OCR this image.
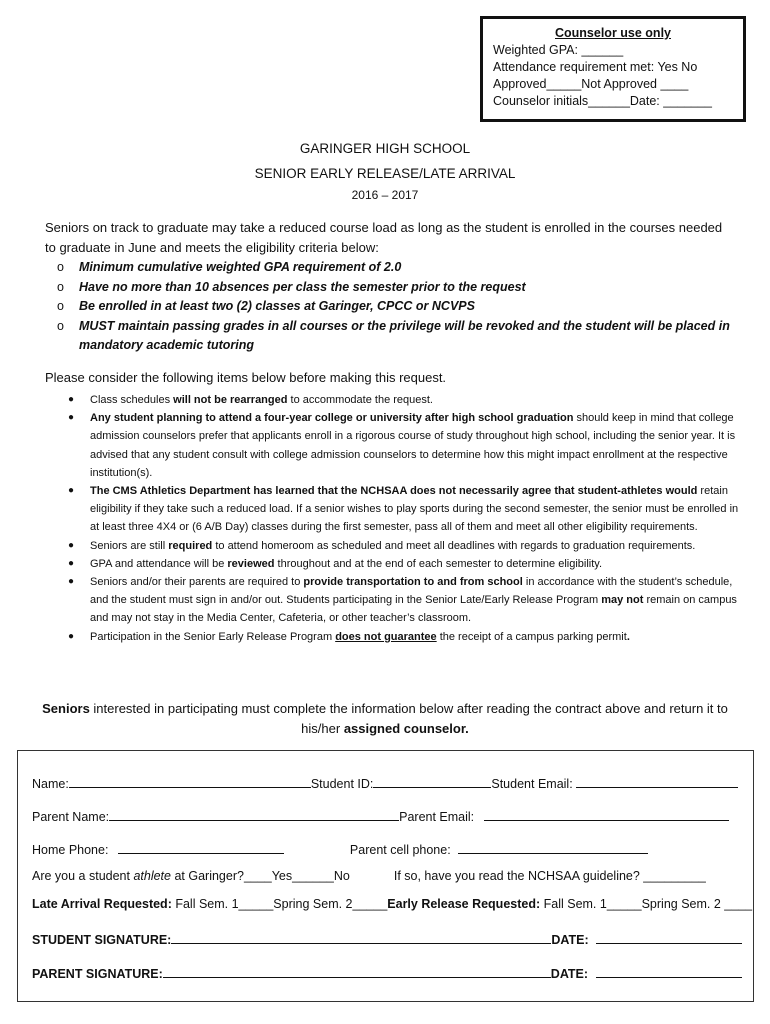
Counselor use only
Weighted GPA: ______
Attendance requirement met: Yes No
Approved_____Not Approved ____
Counselor initials______Date: _______
GARINGER HIGH SCHOOL
SENIOR EARLY RELEASE/LATE ARRIVAL
2016 – 2017
Seniors on track to graduate may take a reduced course load as long as the student is enrolled in the courses needed to graduate in June and meets the eligibility criteria below:
o Minimum cumulative weighted GPA requirement of 2.0
o Have no more than 10 absences per class the semester prior to the request
o Be enrolled in at least two (2) classes at Garinger, CPCC or NCVPS
o MUST maintain passing grades in all courses or the privilege will be revoked and the student will be placed in mandatory academic tutoring
Please consider the following items below before making this request.
● Class schedules will not be rearranged to accommodate the request.
● Any student planning to attend a four-year college or university after high school graduation should keep in mind that college admission counselors prefer that applicants enroll in a rigorous course of study throughout high school, including the senior year. It is advised that any student consult with college admission counselors to determine how this might impact enrollment at the respective institution(s).
● The CMS Athletics Department has learned that the NCHSAA does not necessarily agree that student-athletes would retain eligibility if they take such a reduced load. If a senior wishes to play sports during the second semester, the senior must be enrolled in at least three 4X4 or (6 A/B Day) classes during the first semester, pass all of them and meet all other eligibility requirements.
● Seniors are still required to attend homeroom as scheduled and meet all deadlines with regards to graduation requirements.
● GPA and attendance will be reviewed throughout and at the end of each semester to determine eligibility.
● Seniors and/or their parents are required to provide transportation to and from school in accordance with the student’s schedule, and the student must sign in and/or out. Students participating in the Senior Late/Early Release Program may not remain on campus and may not stay in the Media Center, Cafeteria, or other teacher’s classroom.
● Participation in the Senior Early Release Program does not guarantee the receipt of a campus parking permit.
Seniors interested in participating must complete the information below after reading the contract above and return it to his/her assigned counselor.
Name:	Student ID:	Student Email:
Parent Name:	Parent Email:
Home Phone:	Parent cell phone:
Are you a student athlete at Garinger?____Yes______No	If so, have you read the NCHSAA guideline? _________
Late Arrival Requested: Fall Sem. 1_____Spring Sem. 2_____Early Release Requested: Fall Sem. 1_____Spring Sem. 2 ____
STUDENT SIGNATURE:	DATE:
PARENT SIGNATURE:	DATE:
